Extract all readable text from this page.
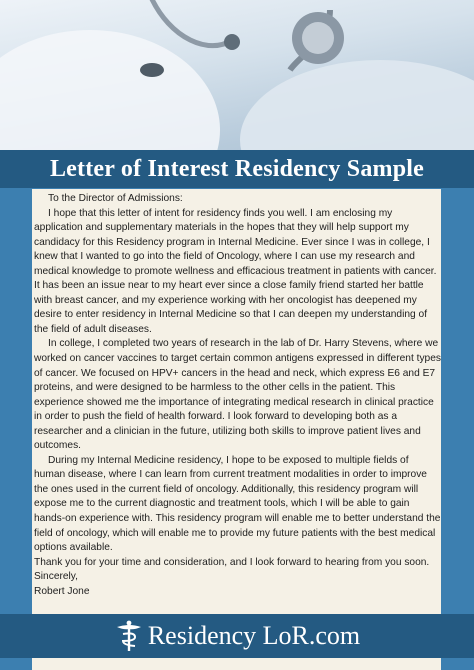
Letter of Interest Residency Sample

To the Director of Admissions:

I hope that this letter of intent for residency finds you well. I am enclosing my application and supplementary materials in the hopes that they will help support my candidacy for this Residency program in Internal Medicine. Ever since I was in college, I knew that I wanted to go into the field of Oncology, where I can use my research and medical knowledge to promote wellness and efficacious treatment in patients with cancer. It has been an issue near to my heart ever since a close family friend started her battle with breast cancer, and my experience working with her oncologist has deepened my desire to enter residency in Internal Medicine so that I can deepen my understanding of the field of adult diseases.

In college, I completed two years of research in the lab of Dr. Harry Stevens, where we worked on cancer vaccines to target certain common antigens expressed in different types of cancer. We focused on HPV+ cancers in the head and neck, which express E6 and E7 proteins, and were designed to be harmless to the other cells in the patient. This experience showed me the importance of integrating medical research in clinical practice in order to push the field of health forward. I look forward to developing both as a researcher and a clinician in the future, utilizing both skills to improve patient lives and outcomes.

During my Internal Medicine residency, I hope to be exposed to multiple fields of human disease, where I can learn from current treatment modalities in order to improve the ones used in the current field of oncology. Additionally, this residency program will expose me to the current diagnostic and treatment tools, which I will be able to gain hands-on experience with. This residency program will enable me to better understand the field of oncology, which will enable me to provide my future patients with the best medical options available.

Thank you for your time and consideration, and I look forward to hearing from you soon.

Sincerely,

Robert Jone

Residency LoR.com
